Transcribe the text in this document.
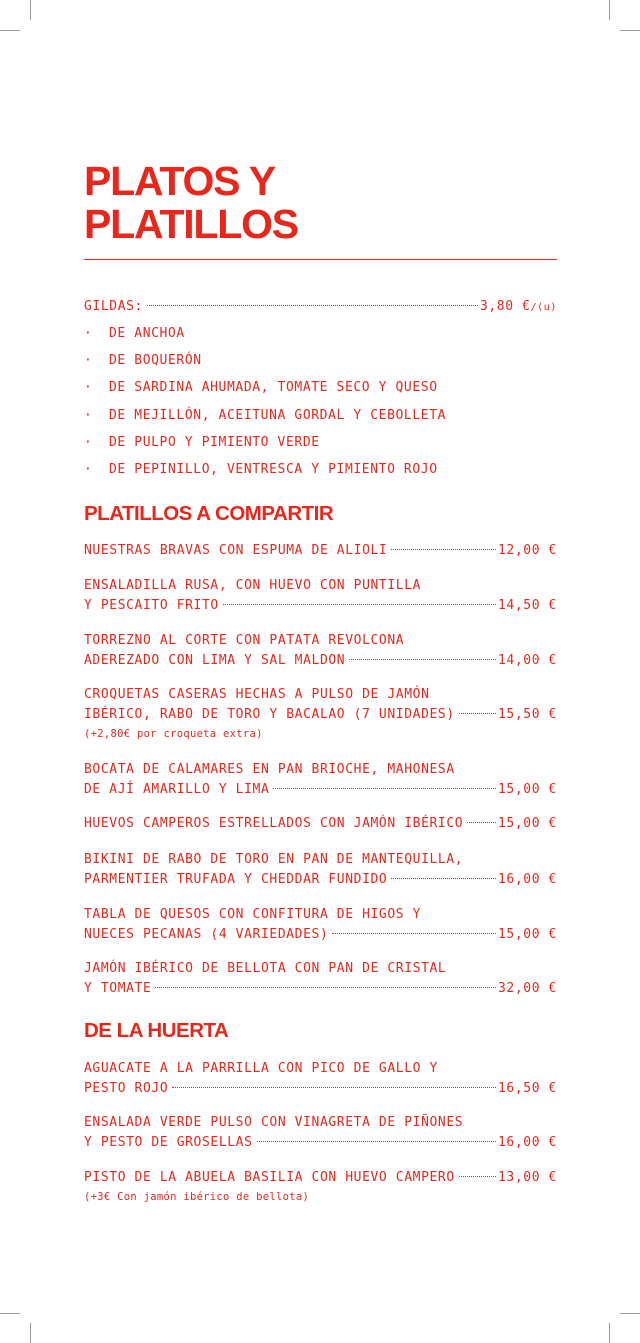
PLATOS Y
PLATILLOS
GILDAS:	3,80 €/(u)
·	DE ANCHOA
·	DE BOQUERÓN
·	DE SARDINA AHUMADA, TOMATE SECO Y QUESO
·	DE MEJILLÓN, ACEITUNA GORDAL Y CEBOLLETA
·	DE PULPO Y PIMIENTO VERDE
·	DE PEPINILLO, VENTRESCA Y PIMIENTO ROJO
PLATILLOS A COMPARTIR
NUESTRAS BRAVAS CON ESPUMA DE ALIOLI	12,00 €
ENSALADILLA RUSA, CON HUEVO CON PUNTILLA
Y PESCAITO FRITO	14,50 €
TORREZNO AL CORTE CON PATATA REVOLCONA
ADEREZADO CON LIMA Y SAL MALDON	14,00 €
CROQUETAS CASERAS HECHAS A PULSO DE JAMÓN
IBÉRICO, RABO DE TORO Y BACALAO (7 UNIDADES)	15,50 €
(+2,80€ por croqueta extra)
BOCATA DE CALAMARES EN PAN BRIOCHE, MAHONESA
DE AJÍ AMARILLO Y LIMA	15,00 €
HUEVOS CAMPEROS ESTRELLADOS CON JAMÓN IBÉRICO	15,00 €
BIKINI DE RABO DE TORO EN PAN DE MANTEQUILLA,
PARMENTIER TRUFADA Y CHEDDAR FUNDIDO	16,00 €
TABLA DE QUESOS CON CONFITURA DE HIGOS Y
NUECES PECANAS (4 VARIEDADES)	15,00 €
JAMÓN IBÉRICO DE BELLOTA CON PAN DE CRISTAL
Y TOMATE	32,00 €
DE LA HUERTA
AGUACATE A LA PARRILLA CON PICO DE GALLO Y
PESTO ROJO	16,50 €
ENSALADA VERDE PULSO CON VINAGRETA DE PIÑONES
Y PESTO DE GROSELLAS	16,00 €
PISTO DE LA ABUELA BASILIA CON HUEVO CAMPERO	13,00 €
(+3€ Con jamón ibérico de bellota)
